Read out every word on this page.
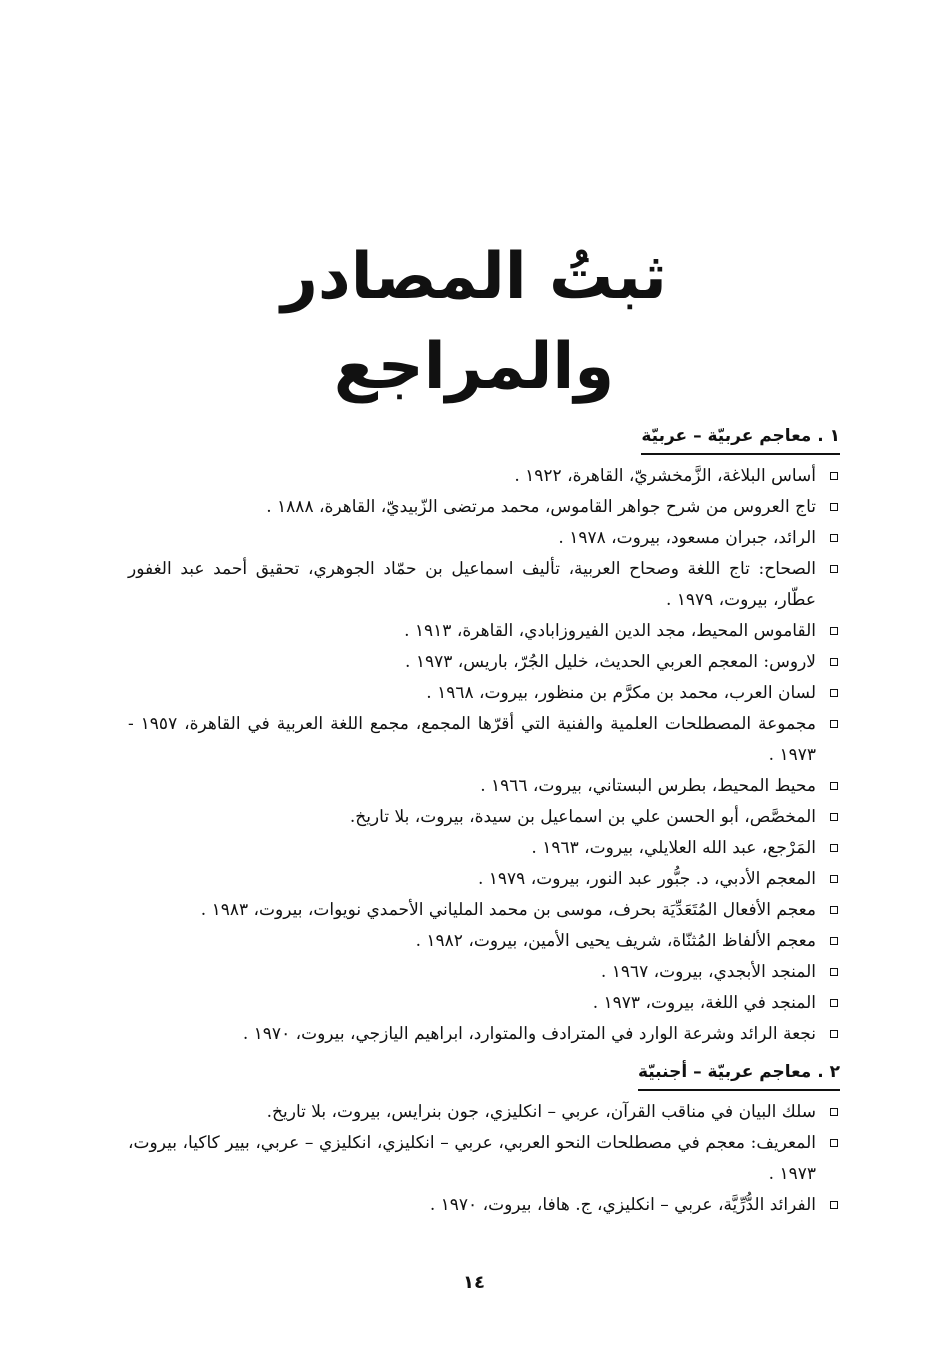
ثبتُ المصادر والمراجع
١ . معاجم عربيّة – عربيّة
أساس البلاغة، الزَّمخشريّ، القاهرة، ١٩٢٢ .
تاج العروس من شرح جواهر القاموس، محمد مرتضى الزّبيديّ، القاهرة، ١٨٨٨ .
الرائد، جبران مسعود، بيروت، ١٩٧٨ .
الصحاح: تاج اللغة وصحاح العربية، تأليف اسماعيل بن حمّاد الجوهري، تحقيق أحمد عبد الغفور عطّار، بيروت، ١٩٧٩ .
القاموس المحيط، مجد الدين الفيروزابادي، القاهرة، ١٩١٣ .
لاروس: المعجم العربي الحديث، خليل الجُرّ، باريس، ١٩٧٣ .
لسان العرب، محمد بن مكرَّم بن منظور، بيروت، ١٩٦٨ .
مجموعة المصطلحات العلمية والفنية التي أقرّها المجمع، مجمع اللغة العربية في القاهرة، ١٩٥٧ - ١٩٧٣ .
محيط المحيط، بطرس البستاني، بيروت، ١٩٦٦ .
المخصَّص، أبو الحسن علي بن اسماعيل بن سيدة، بيروت، بلا تاريخ.
المَرْجع، عبد الله العلايلي، بيروت، ١٩٦٣ .
المعجم الأدبي، د. جبُّور عبد النور، بيروت، ١٩٧٩ .
معجم الأفعال المُتَعَدِّيَة بحرف، موسى بن محمد الملياني الأحمدي نويوات، بيروت، ١٩٨٣ .
معجم الألفاظ المُثنّاة، شريف يحيى الأمين، بيروت، ١٩٨٢ .
المنجد الأبجدي، بيروت، ١٩٦٧ .
المنجد في اللغة، بيروت، ١٩٧٣ .
نجعة الرائد وشرعة الوارد في المترادف والمتوارد، ابراهيم اليازجي، بيروت، ١٩٧٠ .
٢ . معاجم عربيّة – أجنبيّة
سلك البيان في مناقب القرآن، عربي – انكليزي، جون بنرايس، بيروت، بلا تاريخ.
المعريف: معجم في مصطلحات النحو العربي، عربي – انكليزي، انكليزي – عربي، بيير كاكيا، بيروت، ١٩٧٣ .
الفرائد الدُّرِّيَّة، عربي – انكليزي، ج. هافا، بيروت، ١٩٧٠ .
١٤
